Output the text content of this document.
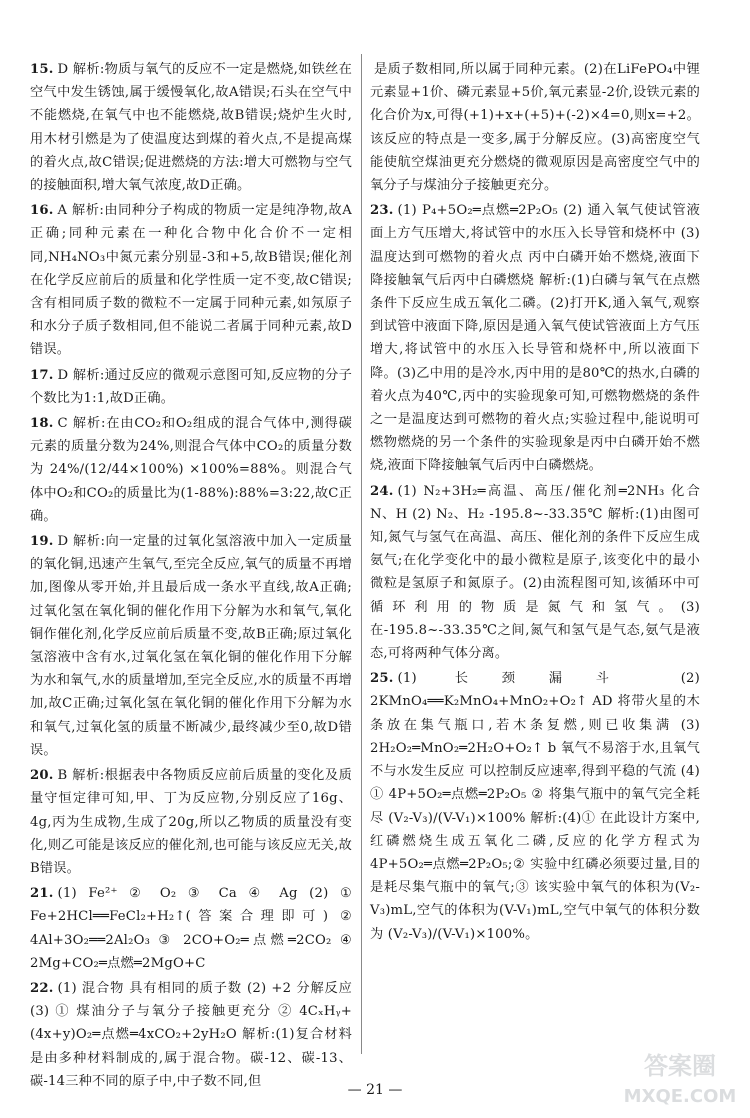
15. D 解析:物质与氧气的反应不一定是燃烧,如铁丝在空气中发生锈蚀,属于缓慢氧化,故A错误;石头在空气中不能燃烧,在氧气中也不能燃烧,故B错误;烧炉生火时,用木材引燃是为了使温度达到煤的着火点,不是提高煤的着火点,故C错误;促进燃烧的方法:增大可燃物与空气的接触面积,增大氧气浓度,故D正确。

16. A 解析:由同种分子构成的物质一定是纯净物,故A正确;同种元素在一种化合物中化合价不一定相同,NH₄NO₃中氮元素分别显-3和+5,故B错误;催化剂在化学反应前后的质量和化学性质一定不变,故C错误;含有相同质子数的微粒不一定属于同种元素,如氖原子和水分子质子数相同,但不能说二者属于同种元素,故D错误。

17. D 解析:通过反应的微观示意图可知,反应物的分子个数比为1:1,故D正确。

18. C 解析:在由CO₂和O₂组成的混合气体中,测得碳元素的质量分数为24%,则混合气体中CO₂的质量分数为 24%/(12/44×100%) ×100%=88%。则混合气体中O₂和CO₂的质量比为(1-88%):88%=3:22,故C正确。

19. D 解析:向一定量的过氧化氢溶液中加入一定质量的氧化铜,迅速产生氧气,至完全反应,氧气的质量不再增加,图像从零开始,并且最后成一条水平直线,故A正确;过氧化氢在氧化铜的催化作用下分解为水和氧气,氧化铜作催化剂,化学反应前后质量不变,故B正确;原过氧化氢溶液中含有水,过氧化氢在氧化铜的催化作用下分解为水和氧气,水的质量增加,至完全反应,水的质量不再增加,故C正确;过氧化氢在氧化铜的催化作用下分解为水和氧气,过氧化氢的质量不断减少,最终减少至0,故D错误。

20. B 解析:根据表中各物质反应前后质量的变化及质量守恒定律可知,甲、丁为反应物,分别反应了16g、4g,丙为生成物,生成了20g,所以乙物质的质量没有变化,则乙可能是该反应的催化剂,也可能与该反应无关,故B错误。

21. (1) Fe²⁺ ② O₂ ③ Ca ④ Ag (2) ① Fe+2HCl══FeCl₂+H₂↑(答案合理即可) ② 4Al+3O₂══2Al₂O₃ ③ 2CO+O₂═点燃═2CO₂ ④ 2Mg+CO₂═点燃═2MgO+C

22. (1) 混合物 具有相同的质子数 (2) +2 分解反应 (3) ① 煤油分子与氧分子接触更充分 ② 4CₓHᵧ+(4x+y)O₂═点燃═4xCO₂+2yH₂O 解析:(1)复合材料是由多种材料制成的,属于混合物。碳-12、碳-13、碳-14三种不同的原子中,中子数不同,但

是质子数相同,所以属于同种元素。(2)在LiFePO₄中锂元素显+1价、磷元素显+5价,氧元素显-2价,设铁元素的化合价为x,可得(+1)+x+(+5)+(-2)×4=0,则x=+2。该反应的特点是一变多,属于分解反应。(3)高密度空气能使航空煤油更充分燃烧的微观原因是高密度空气中的氧分子与煤油分子接触更充分。

23. (1) P₄+5O₂═点燃═2P₂O₅ (2) 通入氧气使试管液面上方气压增大,将试管中的水压入长导管和烧杯中 (3) 温度达到可燃物的着火点 丙中白磷开始不燃烧,液面下降接触氧气后丙中白磷燃烧 解析:(1)白磷与氧气在点燃条件下反应生成五氧化二磷。(2)打开K,通入氧气,观察到试管中液面下降,原因是通入氧气使试管液面上方气压增大,将试管中的水压入长导管和烧杯中,所以液面下降。(3)乙中用的是冷水,丙中用的是80℃的热水,白磷的着火点为40℃,丙中的实验现象可知,可燃物燃烧的条件之一是温度达到可燃物的着火点;实验过程中,能说明可燃物燃烧的另一个条件的实验现象是丙中白磷开始不燃烧,液面下降接触氧气后丙中白磷燃烧。

24. (1) N₂+3H₂═高温、高压/催化剂═2NH₃ 化合 N、H (2) N₂、H₂ -195.8~-33.35℃ 解析:(1)由图可知,氮气与氢气在高温、高压、催化剂的条件下反应生成氨气;在化学变化中的最小微粒是原子,该变化中的最小微粒是氢原子和氮原子。(2)由流程图可知,该循环中可循环利用的物质是氮气和氢气。(3)在-195.8~-33.35℃之间,氮气和氢气是气态,氨气是液态,可将两种气体分离。

25. (1) 长颈漏斗 (2) 2KMnO₄══K₂MnO₄+MnO₂+O₂↑ AD 将带火星的木条放在集气瓶口,若木条复燃,则已收集满 (3) 2H₂O₂═MnO₂═2H₂O+O₂↑ b 氧气不易溶于水,且氧气不与水发生反应 可以控制反应速率,得到平稳的气流 (4) ① 4P+5O₂═点燃═2P₂O₅ ② 将集气瓶中的氧气完全耗尽 (V₂-V₃)/(V-V₁)×100% 解析:(4)① 在此设计方案中,红磷燃烧生成五氧化二磷,反应的化学方程式为4P+5O₂═点燃═2P₂O₅;② 实验中红磷必须要过量,目的是耗尽集气瓶中的氧气;③ 该实验中氧气的体积为(V₂-V₃)mL,空气的体积为(V-V₁)mL,空气中氧气的体积分数为 (V₂-V₃)/(V-V₁)×100%。

— 21 —
答案圈
MXQE.COM
